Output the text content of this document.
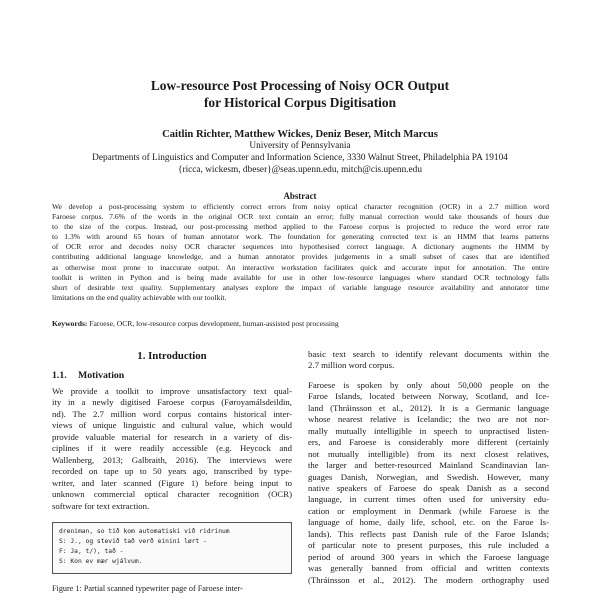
Low-resource Post Processing of Noisy OCR Output
for Historical Corpus Digitisation
Caitlin Richter, Matthew Wickes, Deniz Beser, Mitch Marcus
University of Pennsylvania
Departments of Linguistics and Computer and Information Science, 3330 Walnut Street, Philadelphia PA 19104
{ricca, wickesm, dbeser}@seas.upenn.edu, mitch@cis.upenn.edu
Abstract
We develop a post-processing system to efficiently correct errors from noisy optical character recognition (OCR) in a 2.7 million word
Faroese corpus. 7.6% of the words in the original OCR text contain an error; fully manual correction would take thousands of hours due
to the size of the corpus. Instead, our post-processing method applied to the Faroese corpus is projected to reduce the word error rate
to 1.3% with around 65 hours of human annotator work. The foundation for generating corrected text is an HMM that learns patterns
of OCR error and decodes noisy OCR character sequences into hypothesised correct language. A dictionary augments the HMM by
contributing additional language knowledge, and a human annotator provides judgements in a small subset of cases that are identified
as otherwise most prone to inaccurate output. An interactive workstation facilitates quick and accurate input for annotation. The entire
toolkit is written in Python and is being made available for use in other low-resource languages where standard OCR technology falls
short of desirable text quality. Supplementary analyses explore the impact of variable language resource availability and annotator time
limitations on the end quality achievable with our toolkit.
Keywords: Faroese, OCR, low-resource corpus development, human-assisted post processing
1. Introduction
1.1. Motivation
We provide a toolkit to improve unsatisfactory text qual-
ity in a newly digitised Faroese corpus (Føroyamálsdeildin,
nd). The 2.7 million word corpus contains historical inter-
views of unique linguistic and cultural value, which would
provide valuable material for research in a variety of dis-
ciplines if it were readily accessible (e.g. Heycock and
Wallenberg, 2013; Galbraith, 2016). The interviews were
recorded on tape up to 50 years ago, transcribed by type-
writer, and later scanned (Figure 1) before being input to
unknown commercial optical character recognition (OCR)
software for text extraction.
dreniman, so tið kom automatiski við ridrinum
S: J., og stevið tað verð einini lørt -
F: Ja, t/), tað -
S: Kon ev mær wjálvum.
Figure 1: Partial scanned typewriter page of Faroese inter-
basic text search to identify relevant documents within the
2.7 million word corpus.
Faroese is spoken by only about 50,000 people on the
Faroe Islands, located between Norway, Scotland, and Ice-
land (Thráinsson et al., 2012). It is a Germanic language
whose nearest relative is Icelandic; the two are not nor-
mally mutually intelligible in speech to unpractised listen-
ers, and Faroese is considerably more different (certainly
not mutually intelligible) from its next closest relatives,
the larger and better-resourced Mainland Scandinavian lan-
guages Danish, Norwegian, and Swedish. However, many
native speakers of Faroese do speak Danish as a second
language, in current times often used for university edu-
cation or employment in Denmark (while Faroese is the
language of home, daily life, school, etc. on the Faroe Is-
lands). This reflects past Danish rule of the Faroe Islands;
of particular note to present purposes, this rule included a
period of around 300 years in which the Faroese language
was generally banned from official and written contexts
(Thráinsson et al., 2012). The modern orthography used
